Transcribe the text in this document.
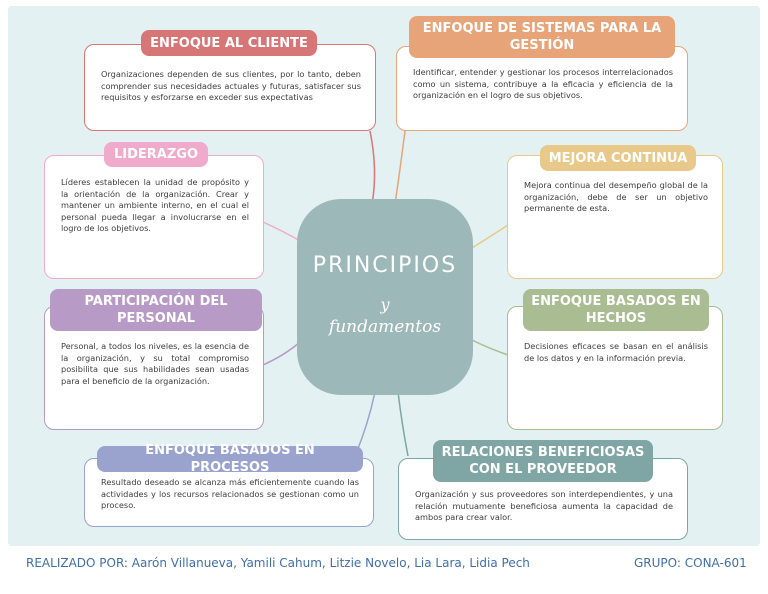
Organizaciones dependen de sus clientes, por lo tanto, deben comprender sus necesidades actuales y futuras, satisfacer sus requisitos y esforzarse en exceder sus expectativas
ENFOQUE AL CLIENTE
Identificar, entender y gestionar los procesos interrelacionados como un sistema, contribuye a la eficacia y eficiencia de la organización en el logro de sus objetivos.
ENFOQUE DE SISTEMAS PARA LA GESTIÓN
Líderes establecen la unidad de propósito y la orientación de la organización. Crear y mantener un ambiente interno, en el cual el personal pueda llegar a involucrarse en el logro de los objetivos.
LIDERAZGO
Mejora continua del desempeño global de la organización, debe de ser un objetivo permanente de esta.
MEJORA CONTINUA
Personal, a todos los niveles, es la esencia de la organización, y su total compromiso posibilita que sus habilidades sean usadas para el beneficio de la organización.
PARTICIPACIÓN DEL PERSONAL
Decisiones eficaces se basan en el análisis de los datos y en la información previa.
ENFOQUE BASADOS EN HECHOS
Resultado deseado se alcanza más eficientemente cuando las actividades y los recursos relacionados se gestionan como un proceso.
ENFOQUE BASADOS EN PROCESOS
Organización y sus proveedores son interdependientes, y una relación mutuamente beneficiosa aumenta la capacidad de ambos para crear valor.
RELACIONES BENEFICIOSAS CON EL PROVEEDOR
PRINCIPIOS
y
fundamentos
REALIZADO POR: Aarón Villanueva, Yamili Cahum, Litzie Novelo, Lia Lara, Lidia Pech	GRUPO: CONA-601
